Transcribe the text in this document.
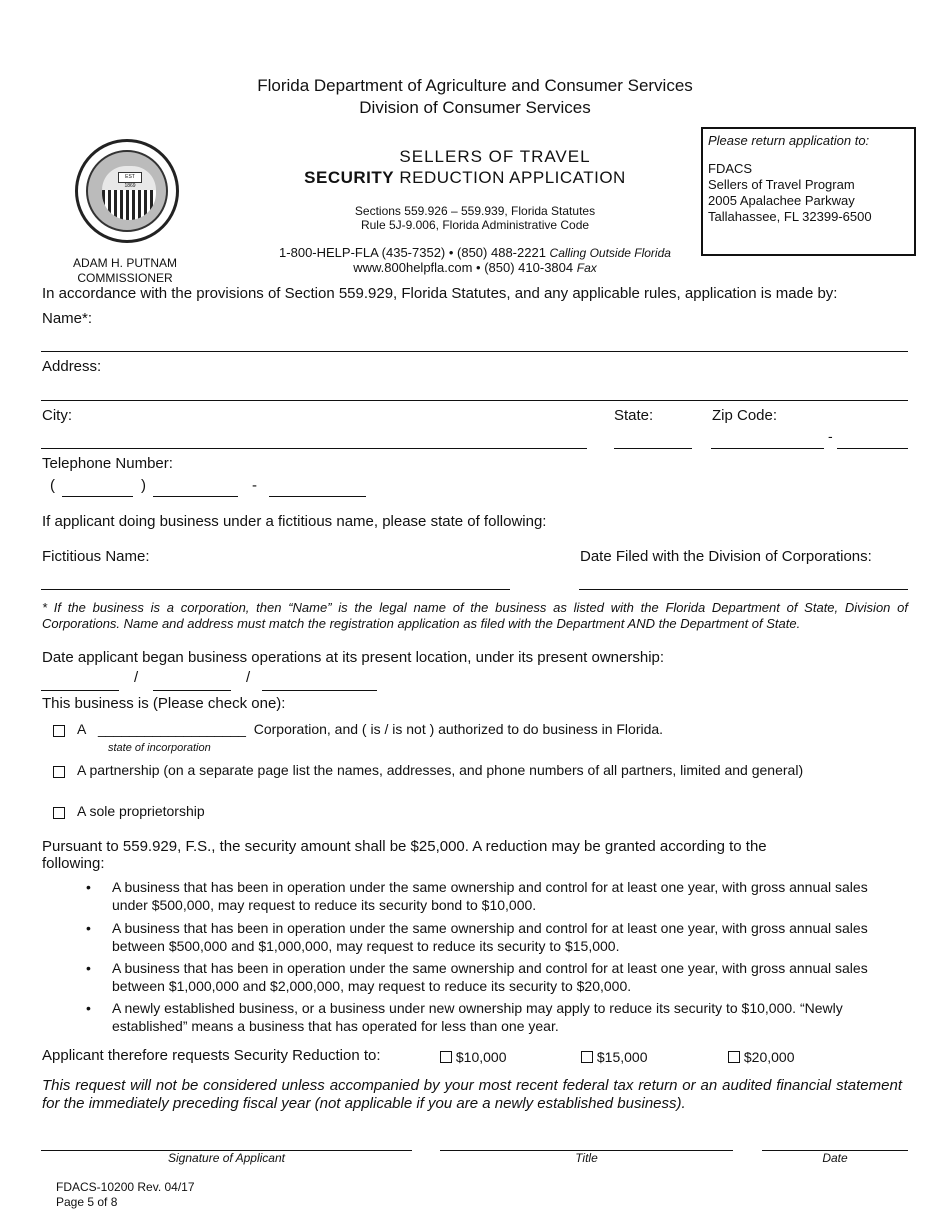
Florida Department of Agriculture and Consumer Services
Division of Consumer Services
EST 1869
ADAM H. PUTNAM
COMMISSIONER
SELLERS OF TRAVEL
SECURITY REDUCTION APPLICATION
Sections 559.926 – 559.939, Florida Statutes
Rule 5J-9.006, Florida Administrative Code
1-800-HELP-FLA (435-7352) • (850) 488-2221 Calling Outside Florida
www.800helpfla.com • (850) 410-3804 Fax
Please return application to:
FDACS
Sellers of Travel Program
2005 Apalachee Parkway
Tallahassee, FL 32399-6500
In accordance with the provisions of Section 559.929, Florida Statutes, and any applicable rules, application is made by:
Name*:
Address:
City:	State:	Zip Code:
-
Telephone Number:
(	)	-
If applicant doing business under a fictitious name, please state of following:
Fictitious Name:	Date Filed with the Division of Corporations:
* If the business is a corporation, then “Name” is the legal name of the business as listed with the Florida Department of State, Division of Corporations. Name and address must match the registration application as filed with the Department AND the Department of State.
Date applicant began business operations at its present location, under its present ownership:
/	/
This business is (Please check one):
A ___________________ Corporation, and ( is / is not ) authorized to do business in Florida.
state of incorporation
A partnership (on a separate page list the names, addresses, and phone numbers of all partners, limited and general)
A sole proprietorship
Pursuant to 559.929, F.S., the security amount shall be $25,000. A reduction may be granted according to the following:
• A business that has been in operation under the same ownership and control for at least one year, with gross annual sales under $500,000, may request to reduce its security bond to $10,000.
• A business that has been in operation under the same ownership and control for at least one year, with gross annual sales between $500,000 and $1,000,000, may request to reduce its security to $15,000.
• A business that has been in operation under the same ownership and control for at least one year, with gross annual sales between $1,000,000 and $2,000,000, may request to reduce its security to $20,000.
• A newly established business, or a business under new ownership may apply to reduce its security to $10,000. “Newly established” means a business that has operated for less than one year.
Applicant therefore requests Security Reduction to:	$10,000	$15,000	$20,000
This request will not be considered unless accompanied by your most recent federal tax return or an audited financial statement for the immediately preceding fiscal year (not applicable if you are a newly established business).
Signature of Applicant	Title	Date
FDACS-10200 Rev. 04/17
Page 5 of 8
